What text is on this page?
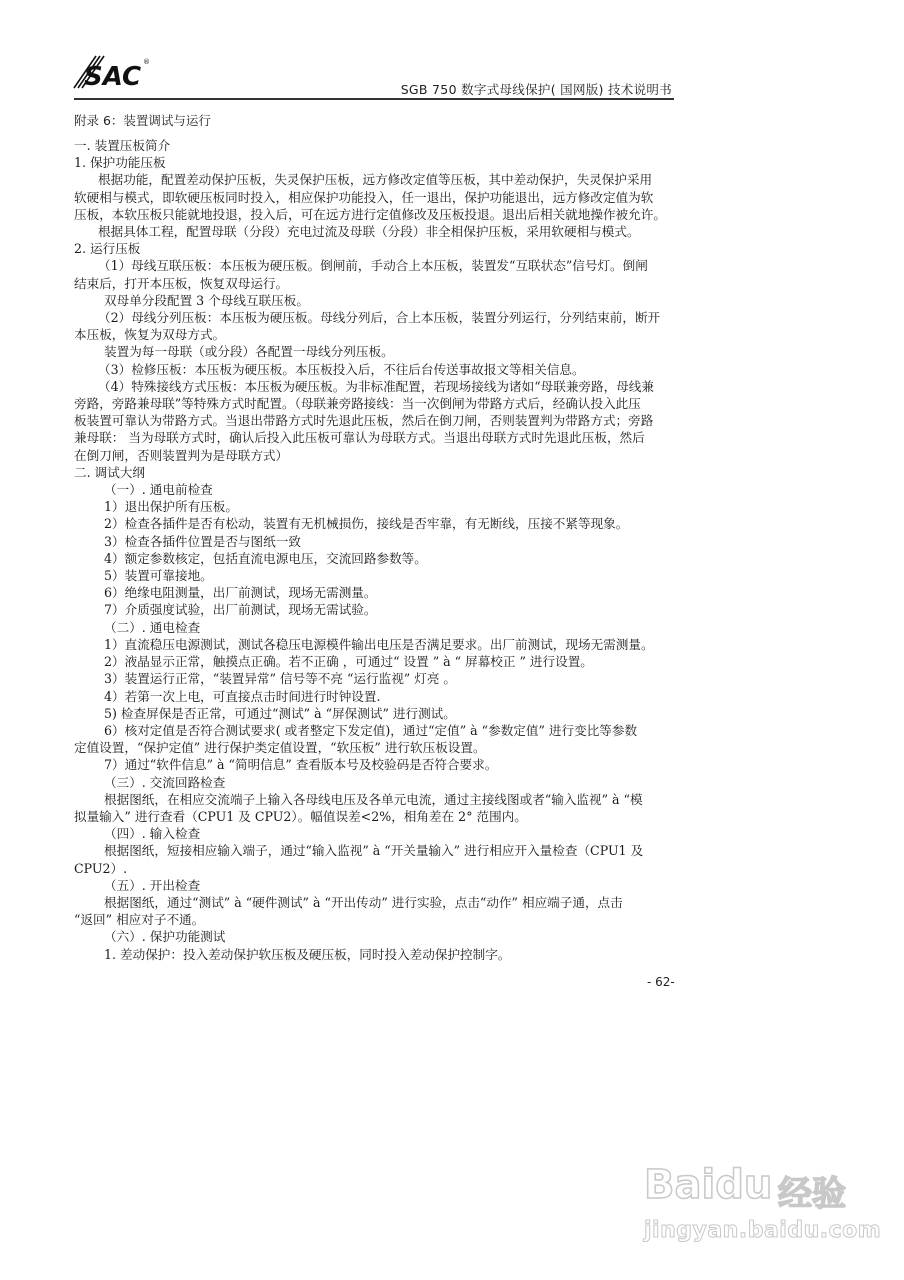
SAC ®
SGB 750 数字式母线保护( 国网版) 技术说明书
附录 6：装置调试与运行
一. 装置压板简介
1. 保护功能压板
根据功能，配置差动保护压板，失灵保护压板，远方修改定值等压板，其中差动保护，失灵保护采用
软硬相与模式，即软硬压板同时投入，相应保护功能投入，任一退出，保护功能退出，远方修改定值为软
压板，本软压板只能就地投退，投入后，可在远方进行定值修改及压板投退。退出后相关就地操作被允许。
根据具体工程，配置母联（分段）充电过流及母联（分段）非全相保护压板，采用软硬相与模式。
2. 运行压板
（1）母线互联压板：本压板为硬压板。倒闸前，手动合上本压板，装置发“互联状态”信号灯。倒闸
结束后，打开本压板，恢复双母运行。
双母单分段配置 3 个母线互联压板。
（2）母线分列压板：本压板为硬压板。母线分列后，合上本压板，装置分列运行，分列结束前，断开
本压板，恢复为双母方式。
装置为每一母联（或分段）各配置一母线分列压板。
（3）检修压板：本压板为硬压板。本压板投入后，不往后台传送事故报文等相关信息。
（4）特殊接线方式压板：本压板为硬压板。为非标准配置，若现场接线为诸如“母联兼旁路，母线兼
旁路，旁路兼母联”等特殊方式时配置。（母联兼旁路接线：当一次倒闸为带路方式后，经确认投入此压
板装置可靠认为带路方式。当退出带路方式时先退此压板，然后在倒刀闸，否则装置判为带路方式；旁路
兼母联： 当为母联方式时，确认后投入此压板可靠认为母联方式。当退出母联方式时先退此压板，然后
在倒刀闸，否则装置判为是母联方式）
二. 调试大纲
（一）. 通电前检查
1）退出保护所有压板。
2）检查各插件是否有松动，装置有无机械损伤，接线是否牢靠，有无断线，压接不紧等现象。
3）检查各插件位置是否与图纸一致
4）额定参数核定，包括直流电源电压，交流回路参数等。
5）装置可靠接地。
6）绝缘电阻测量，出厂前测试，现场无需测量。
7）介质强度试验，出厂前测试，现场无需试验。
（二）. 通电检查
1）直流稳压电源测试，测试各稳压电源模件输出电压是否满足要求。出厂前测试，现场无需测量。
2）液晶显示正常，触摸点正确。若不正确 ，可通过“ 设置 ” à “ 屏幕校正 ” 进行设置。
3）装置运行正常，“装置异常” 信号等不亮 “运行监视” 灯亮 。
4）若第一次上电，可直接点击时间进行时钟设置.
5) 检查屏保是否正常，可通过“测试” à “屏保测试” 进行测试。
6）核对定值是否符合测试要求( 或者整定下发定值)，通过“定值” à “参数定值” 进行变比等参数
定值设置，“保护定值” 进行保护类定值设置，“软压板” 进行软压板设置。
7）通过“软件信息” à “简明信息” 查看版本号及校验码是否符合要求。
（三）. 交流回路检查
根据图纸，在相应交流端子上输入各母线电压及各单元电流，通过主接线图或者“输入监视” à “模
拟量输入” 进行查看（CPU1 及 CPU2）。幅值误差<2%，相角差在 2° 范围内。
（四）. 输入检查
根据图纸，短接相应输入端子，通过“输入监视” à “开关量输入” 进行相应开入量检查（CPU1 及
CPU2）.
（五）. 开出检查
根据图纸，通过“测试” à “硬件测试” à “开出传动” 进行实验，点击“动作” 相应端子通，点击
“返回” 相应对子不通。
（六）. 保护功能测试
1. 差动保护：投入差动保护软压板及硬压板，同时投入差动保护控制字。
- 62-
Baidu 经验
jingyan.baidu.com
